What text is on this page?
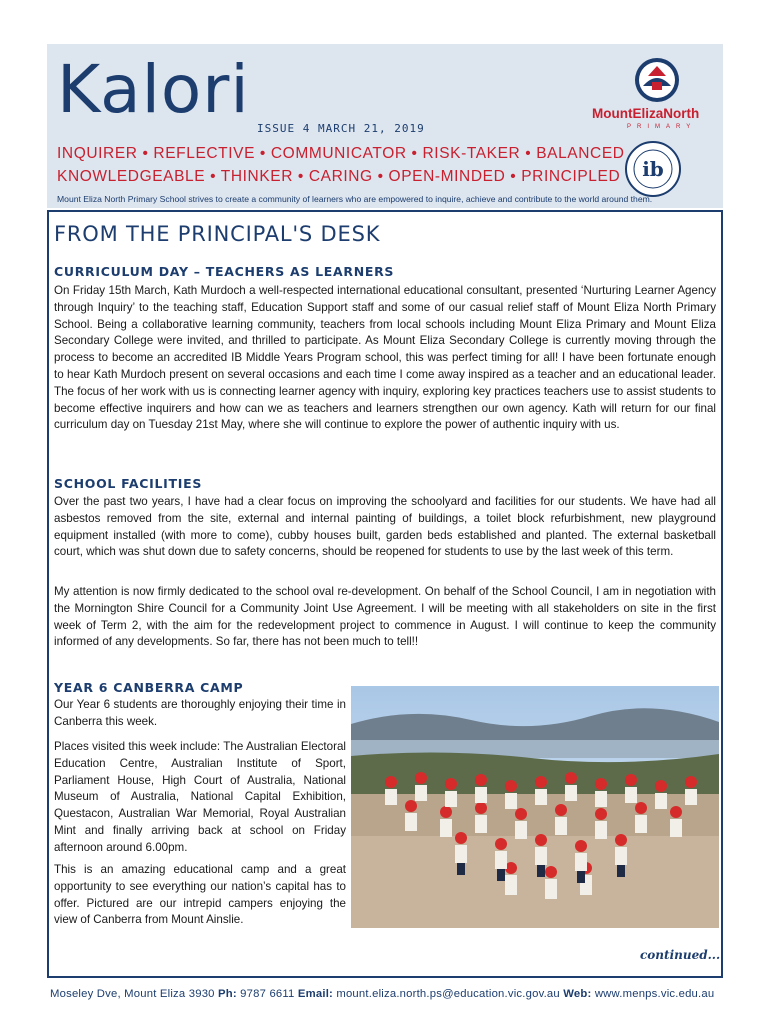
Kalori
ISSUE 4 MARCH 21, 2019
INQUIRER • REFLECTIVE • COMMUNICATOR • RISK-TAKER • BALANCED
KNOWLEDGEABLE • THINKER • CARING • OPEN-MINDED • PRINCIPLED
Mount Eliza North Primary School strives to create a community of learners who are empowered to inquire, achieve and contribute to the world around them.
MountElizaNorth
PRIMARY
ib
FROM THE PRINCIPAL'S DESK
CURRICULUM DAY – TEACHERS AS LEARNERS

On Friday 15th March, Kath Murdoch a well-respected international educational consultant, presented ‘Nurturing Learner Agency through Inquiry’ to the teaching staff, Education Support staff and some of our casual relief staff of Mount Eliza North Primary School. Being a collaborative learning community, teachers from local schools including Mount Eliza Primary and Mount Eliza Secondary College were invited, and thrilled to participate. As Mount Eliza Secondary College is currently moving through the process to become an accredited IB Middle Years Program school, this was perfect timing for all! I have been fortunate enough to hear Kath Murdoch present on several occasions and each time I come away inspired as a teacher and an educational leader. The focus of her work with us is connecting learner agency with inquiry, exploring key practices teachers use to assist students to become effective inquirers and how can we as teachers and learners strengthen our own agency. Kath will return for our final curriculum day on Tuesday 21st May, where she will continue to explore the power of authentic inquiry with us.

SCHOOL FACILITIES

Over the past two years, I have had a clear focus on improving the schoolyard and facilities for our students. We have had all asbestos removed from the site, external and internal painting of buildings, a toilet block refurbishment, new playground equipment installed (with more to come), cubby houses built, garden beds established and planted. The external basketball court, which was shut down due to safety concerns, should be reopened for students to use by the last week of this term.

My attention is now firmly dedicated to the school oval re-development. On behalf of the School Council, I am in negotiation with the Mornington Shire Council for a Community Joint Use Agreement. I will be meeting with all stakeholders on site in the first week of Term 2, with the aim for the redevelopment project to commence in August. I will continue to keep the community informed of any developments. So far, there has not been much to tell!!

YEAR 6 CANBERRA CAMP

Our Year 6 students are thoroughly enjoying their time in Canberra this week.

Places visited this week include: The Australian Electoral Education Centre, Australian Institute of Sport, Parliament House, High Court of Australia, National Museum of Australia, National Capital Exhibition, Questacon, Australian War Memorial, Royal Australian Mint and finally arriving back at school on Friday afternoon around 6.00pm.

This is an amazing educational camp and a great opportunity to see everything our nation’s capital has to offer. Pictured are our intrepid campers enjoying the view of Canberra from Mount Ainslie.

continued...
Moseley Dve, Mount Eliza 3930 Ph: 9787 6611 Email: mount.eliza.north.ps@education.vic.gov.au Web: www.menps.vic.edu.au
